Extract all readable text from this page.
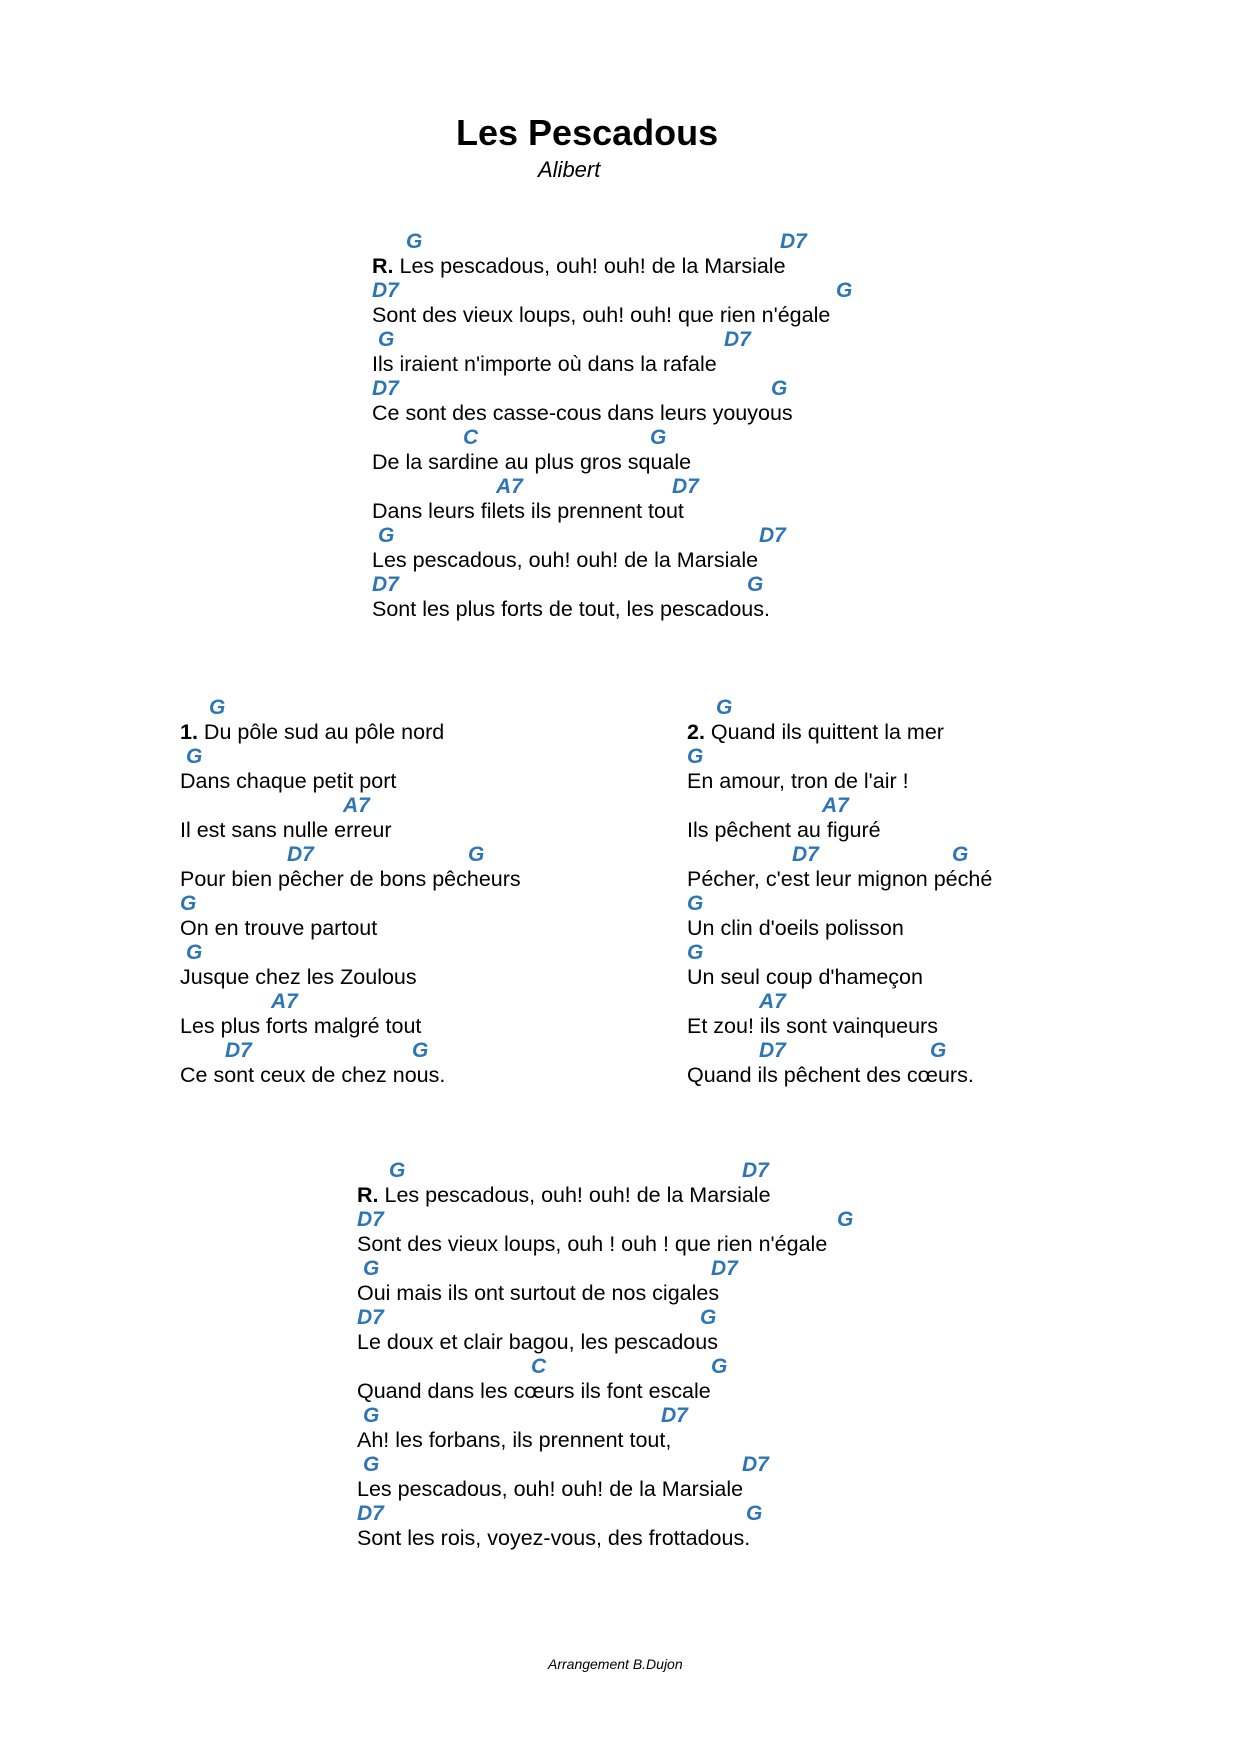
Les Pescadous
Alibert
G	D7
R. Les pescadous, ouh! ouh! de la Marsiale
D7	G
Sont des vieux loups, ouh! ouh! que rien n'égale
G	D7
Ils iraient n'importe où dans la rafale
D7	G
Ce sont des casse-cous dans leurs youyous
C	G
De la sardine au plus gros squale
A7	D7
Dans leurs filets ils prennent tout
G	D7
Les pescadous, ouh! ouh! de la Marsiale
D7	G
Sont les plus forts de tout, les pescadous.
G
1. Du pôle sud au pôle nord
G
Dans chaque petit port
A7
Il est sans nulle erreur
D7	G
Pour bien pêcher de bons pêcheurs
G
On en trouve partout
G
Jusque chez les Zoulous
A7
Les plus forts malgré tout
D7	G
Ce sont ceux de chez nous.
G
2. Quand ils quittent la mer
G
En amour, tron de l'air !
A7
Ils pêchent au figuré
D7	G
Pécher, c'est leur mignon péché
G
Un clin d'oeils polisson
G
Un seul coup d'hameçon
A7
Et zou! ils sont vainqueurs
D7	G
Quand ils pêchent des cœurs.
G	D7
R. Les pescadous, ouh! ouh! de la Marsiale
D7	G
Sont des vieux loups, ouh ! ouh ! que rien n'égale
G	D7
Oui mais ils ont surtout de nos cigales
D7	G
Le doux et clair bagou, les pescadous
C	G
Quand dans les cœurs ils font escale
G	D7
Ah! les forbans, ils prennent tout,
G	D7
Les pescadous, ouh! ouh! de la Marsiale
D7	G
Sont les rois, voyez-vous, des frottadous.
Arrangement B.Dujon
